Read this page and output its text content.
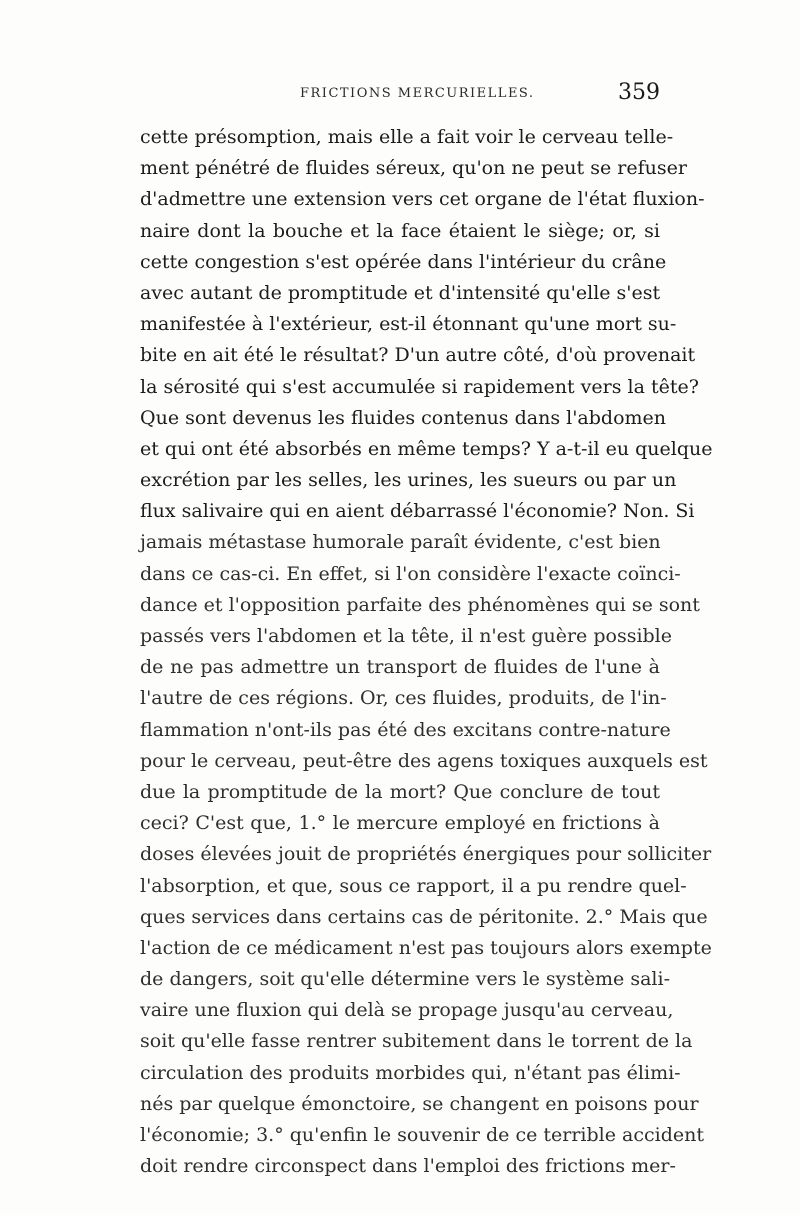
FRICTIONS MERCURIELLES.	359
cette présomption, mais elle a fait voir le cerveau telle-
ment pénétré de fluides séreux, qu'on ne peut se refuser
d'admettre une extension vers cet organe de l'état fluxion-
naire dont la bouche et la face étaient le siège; or, si
cette congestion s'est opérée dans l'intérieur du crâne
avec autant de promptitude et d'intensité qu'elle s'est
manifestée à l'extérieur, est-il étonnant qu'une mort su-
bite en ait été le résultat? D'un autre côté, d'où provenait
la sérosité qui s'est accumulée si rapidement vers la tête?
Que sont devenus les fluides contenus dans l'abdomen
et qui ont été absorbés en même temps? Y a-t-il eu quelque
excrétion par les selles, les urines, les sueurs ou par un
flux salivaire qui en aient débarrassé l'économie? Non. Si
jamais métastase humorale paraît évidente, c'est bien
dans ce cas-ci. En effet, si l'on considère l'exacte coïnci-
dance et l'opposition parfaite des phénomènes qui se sont
passés vers l'abdomen et la tête, il n'est guère possible
de ne pas admettre un transport de fluides de l'une à
l'autre de ces régions. Or, ces fluides, produits, de l'in-
flammation n'ont-ils pas été des excitans contre-nature
pour le cerveau, peut-être des agens toxiques auxquels est
due la promptitude de la mort? Que conclure de tout
ceci? C'est que, 1.° le mercure employé en frictions à
doses élevées jouit de propriétés énergiques pour solliciter
l'absorption, et que, sous ce rapport, il a pu rendre quel-
ques services dans certains cas de péritonite. 2.° Mais que
l'action de ce médicament n'est pas toujours alors exempte
de dangers, soit qu'elle détermine vers le système sali-
vaire une fluxion qui delà se propage jusqu'au cerveau,
soit qu'elle fasse rentrer subitement dans le torrent de la
circulation des produits morbides qui, n'étant pas élimi-
nés par quelque émonctoire, se changent en poisons pour
l'économie; 3.° qu'enfin le souvenir de ce terrible accident
doit rendre circonspect dans l'emploi des frictions mer-
